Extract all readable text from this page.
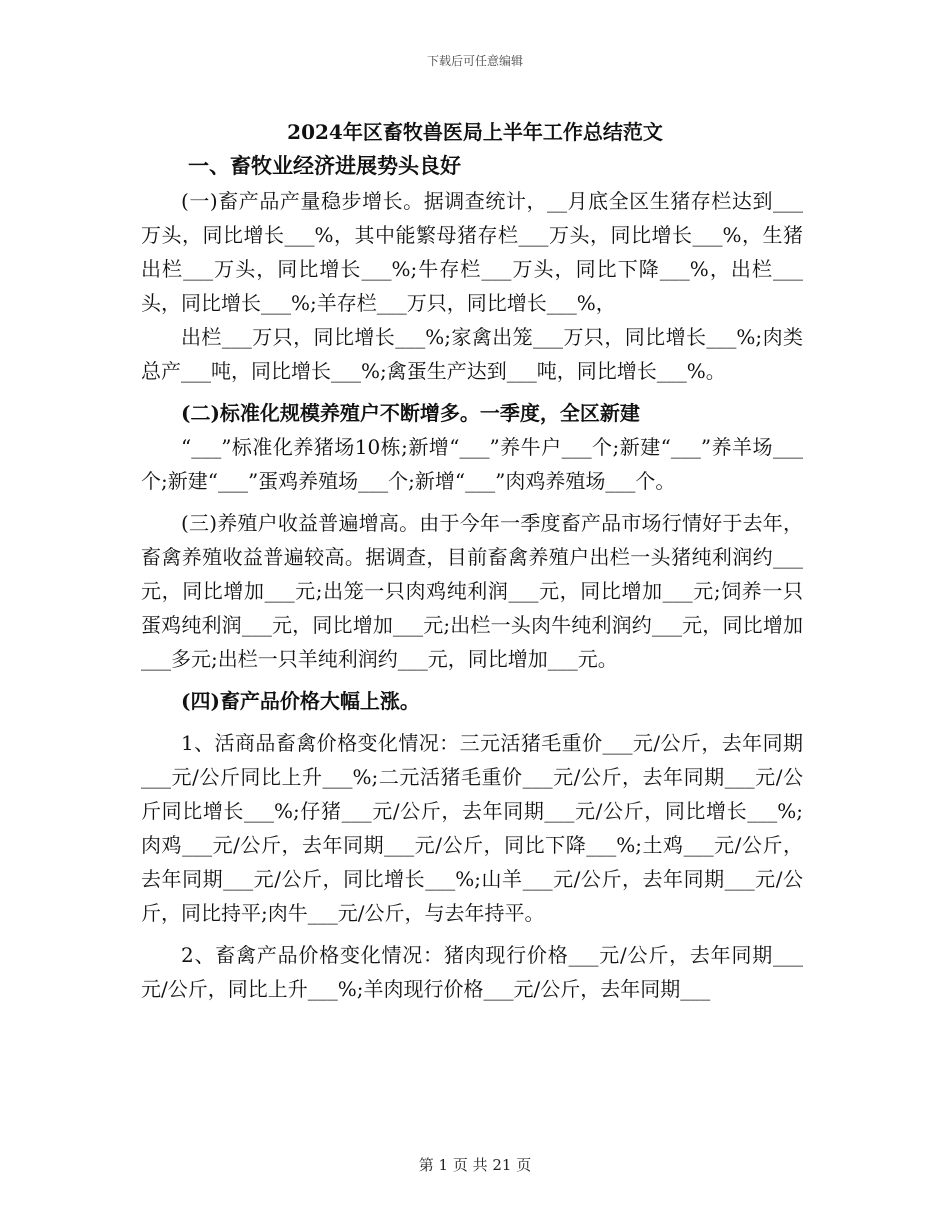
下载后可任意编辑
2024年区畜牧兽医局上半年工作总结范文
一、畜牧业经济进展势头良好

(一)畜产品产量稳步增长。据调查统计，__月底全区生猪存栏达到___万头，同比增长___%，其中能繁母猪存栏___万头，同比增长___%，生猪出栏___万头，同比增长___%;牛存栏___万头，同比下降___%，出栏___头，同比增长___%;羊存栏___万只，同比增长___%，

出栏___万只，同比增长___%;家禽出笼___万只，同比增长___%;肉类总产___吨，同比增长___%;禽蛋生产达到___吨，同比增长___%。

(二)标准化规模养殖户不断增多。一季度，全区新建

“___”标准化养猪场10栋;新增“___”养牛户___个;新建“___”养羊场___个;新建“___”蛋鸡养殖场___个;新增“___”肉鸡养殖场___个。

(三)养殖户收益普遍增高。由于今年一季度畜产品市场行情好于去年，畜禽养殖收益普遍较高。据调查，目前畜禽养殖户出栏一头猪纯利润约___元，同比增加___元;出笼一只肉鸡纯利润___元，同比增加___元;饲养一只蛋鸡纯利润___元，同比增加___元;出栏一头肉牛纯利润约___元，同比增加___多元;出栏一只羊纯利润约___元，同比增加___元。

(四)畜产品价格大幅上涨。

1、活商品畜禽价格变化情况：三元活猪毛重价___元/公斤，去年同期___元/公斤同比上升___%;二元活猪毛重价___元/公斤，去年同期___元/公斤同比增长___%;仔猪___元/公斤，去年同期___元/公斤，同比增长___%;肉鸡___元/公斤，去年同期___元/公斤，同比下降___%;土鸡___元/公斤，去年同期___元/公斤，同比增长___%;山羊___元/公斤，去年同期___元/公斤，同比持平;肉牛___元/公斤，与去年持平。

2、畜禽产品价格变化情况：猪肉现行价格___元/公斤，去年同期___元/公斤，同比上升___%;羊肉现行价格___元/公斤，去年同期___

第 1 页 共 21 页
